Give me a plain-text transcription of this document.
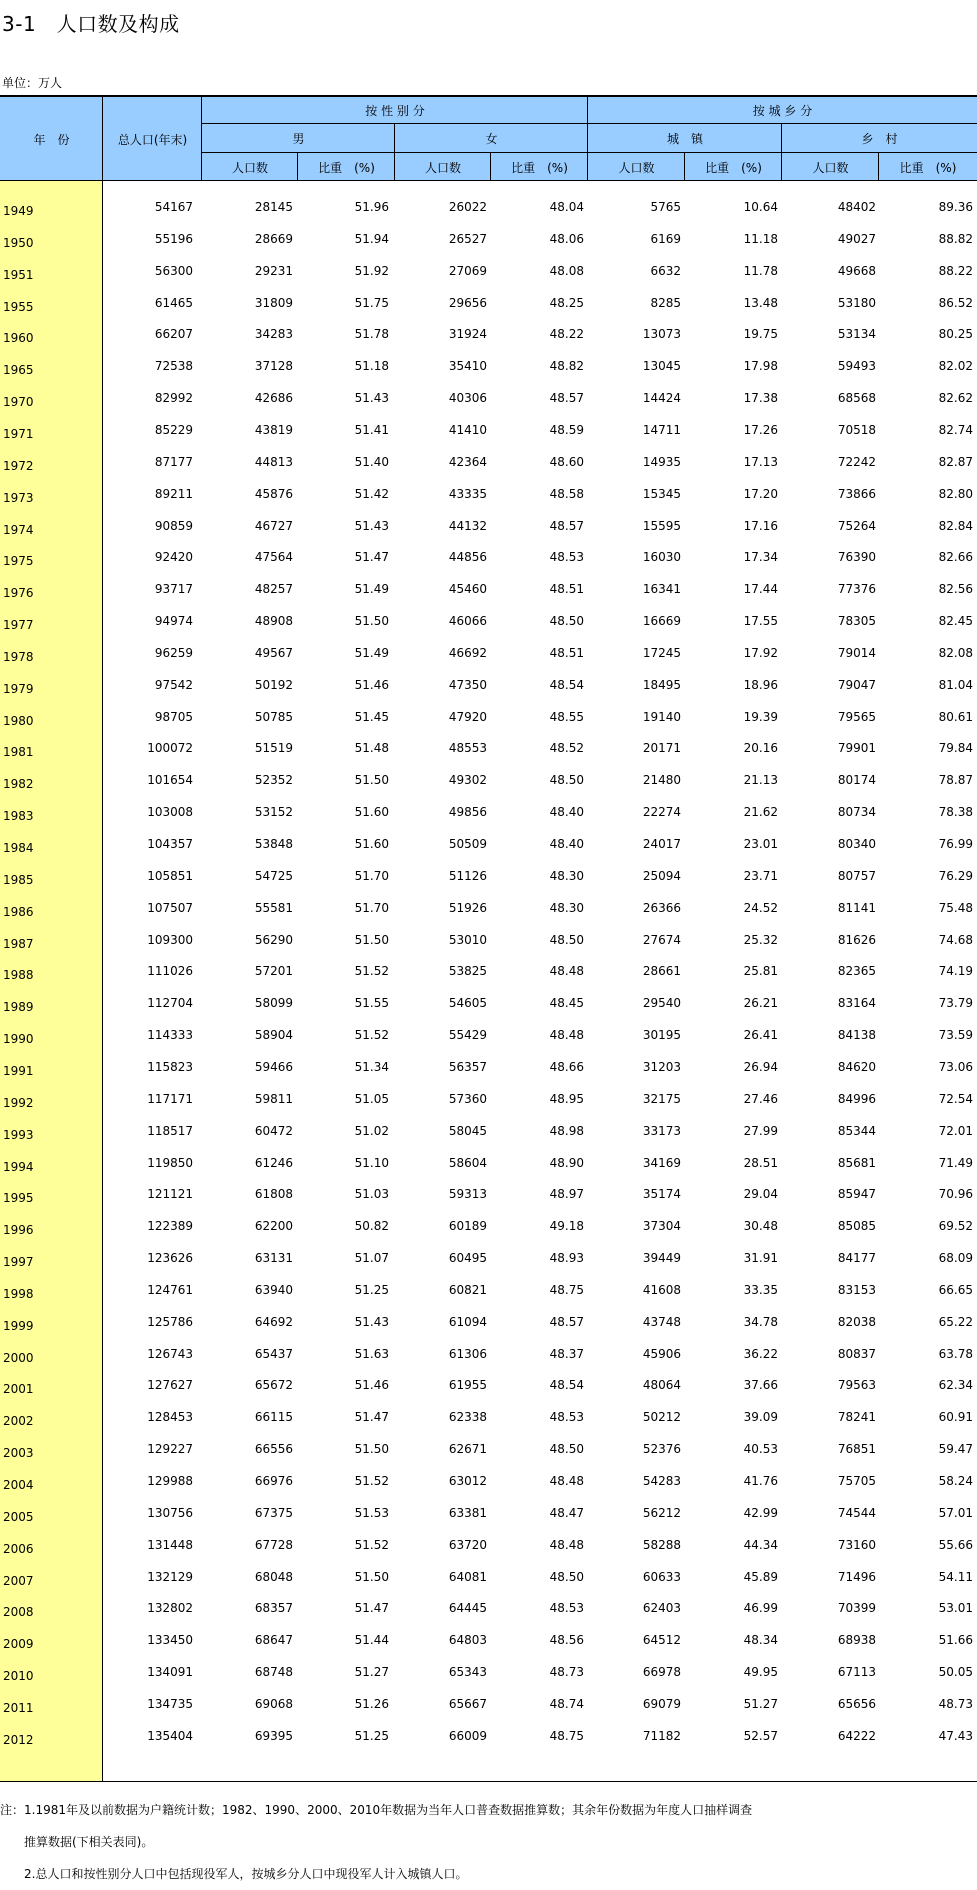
3-1　人口数及构成
单位：万人
年　份	总人口(年末)
按 性 别 分	按 城 乡 分
男	女	城　镇	乡　村
人口数	比重　(%)	人口数	比重　(%)	人口数	比重　(%)	人口数	比重　(%)
1949	54167	28145	51.96	26022	48.04	5765	10.64	48402	89.36
1950	55196	28669	51.94	26527	48.06	6169	11.18	49027	88.82
1951	56300	29231	51.92	27069	48.08	6632	11.78	49668	88.22
1955	61465	31809	51.75	29656	48.25	8285	13.48	53180	86.52
1960	66207	34283	51.78	31924	48.22	13073	19.75	53134	80.25
1965	72538	37128	51.18	35410	48.82	13045	17.98	59493	82.02
1970	82992	42686	51.43	40306	48.57	14424	17.38	68568	82.62
1971	85229	43819	51.41	41410	48.59	14711	17.26	70518	82.74
1972	87177	44813	51.40	42364	48.60	14935	17.13	72242	82.87
1973	89211	45876	51.42	43335	48.58	15345	17.20	73866	82.80
1974	90859	46727	51.43	44132	48.57	15595	17.16	75264	82.84
1975	92420	47564	51.47	44856	48.53	16030	17.34	76390	82.66
1976	93717	48257	51.49	45460	48.51	16341	17.44	77376	82.56
1977	94974	48908	51.50	46066	48.50	16669	17.55	78305	82.45
1978	96259	49567	51.49	46692	48.51	17245	17.92	79014	82.08
1979	97542	50192	51.46	47350	48.54	18495	18.96	79047	81.04
1980	98705	50785	51.45	47920	48.55	19140	19.39	79565	80.61
1981	100072	51519	51.48	48553	48.52	20171	20.16	79901	79.84
1982	101654	52352	51.50	49302	48.50	21480	21.13	80174	78.87
1983	103008	53152	51.60	49856	48.40	22274	21.62	80734	78.38
1984	104357	53848	51.60	50509	48.40	24017	23.01	80340	76.99
1985	105851	54725	51.70	51126	48.30	25094	23.71	80757	76.29
1986	107507	55581	51.70	51926	48.30	26366	24.52	81141	75.48
1987	109300	56290	51.50	53010	48.50	27674	25.32	81626	74.68
1988	111026	57201	51.52	53825	48.48	28661	25.81	82365	74.19
1989	112704	58099	51.55	54605	48.45	29540	26.21	83164	73.79
1990	114333	58904	51.52	55429	48.48	30195	26.41	84138	73.59
1991	115823	59466	51.34	56357	48.66	31203	26.94	84620	73.06
1992	117171	59811	51.05	57360	48.95	32175	27.46	84996	72.54
1993	118517	60472	51.02	58045	48.98	33173	27.99	85344	72.01
1994	119850	61246	51.10	58604	48.90	34169	28.51	85681	71.49
1995	121121	61808	51.03	59313	48.97	35174	29.04	85947	70.96
1996	122389	62200	50.82	60189	49.18	37304	30.48	85085	69.52
1997	123626	63131	51.07	60495	48.93	39449	31.91	84177	68.09
1998	124761	63940	51.25	60821	48.75	41608	33.35	83153	66.65
1999	125786	64692	51.43	61094	48.57	43748	34.78	82038	65.22
2000	126743	65437	51.63	61306	48.37	45906	36.22	80837	63.78
2001	127627	65672	51.46	61955	48.54	48064	37.66	79563	62.34
2002	128453	66115	51.47	62338	48.53	50212	39.09	78241	60.91
2003	129227	66556	51.50	62671	48.50	52376	40.53	76851	59.47
2004	129988	66976	51.52	63012	48.48	54283	41.76	75705	58.24
2005	130756	67375	51.53	63381	48.47	56212	42.99	74544	57.01
2006	131448	67728	51.52	63720	48.48	58288	44.34	73160	55.66
2007	132129	68048	51.50	64081	48.50	60633	45.89	71496	54.11
2008	132802	68357	51.47	64445	48.53	62403	46.99	70399	53.01
2009	133450	68647	51.44	64803	48.56	64512	48.34	68938	51.66
2010	134091	68748	51.27	65343	48.73	66978	49.95	67113	50.05
2011	134735	69068	51.26	65667	48.74	69079	51.27	65656	48.73
2012	135404	69395	51.25	66009	48.75	71182	52.57	64222	47.43
注：1.1981年及以前数据为户籍统计数；1982、1990、2000、2010年数据为当年人口普查数据推算数；其余年份数据为年度人口抽样调查
　　推算数据(下相关表同)。
　　2.总人口和按性别分人口中包括现役军人，按城乡分人口中现役军人计入城镇人口。
